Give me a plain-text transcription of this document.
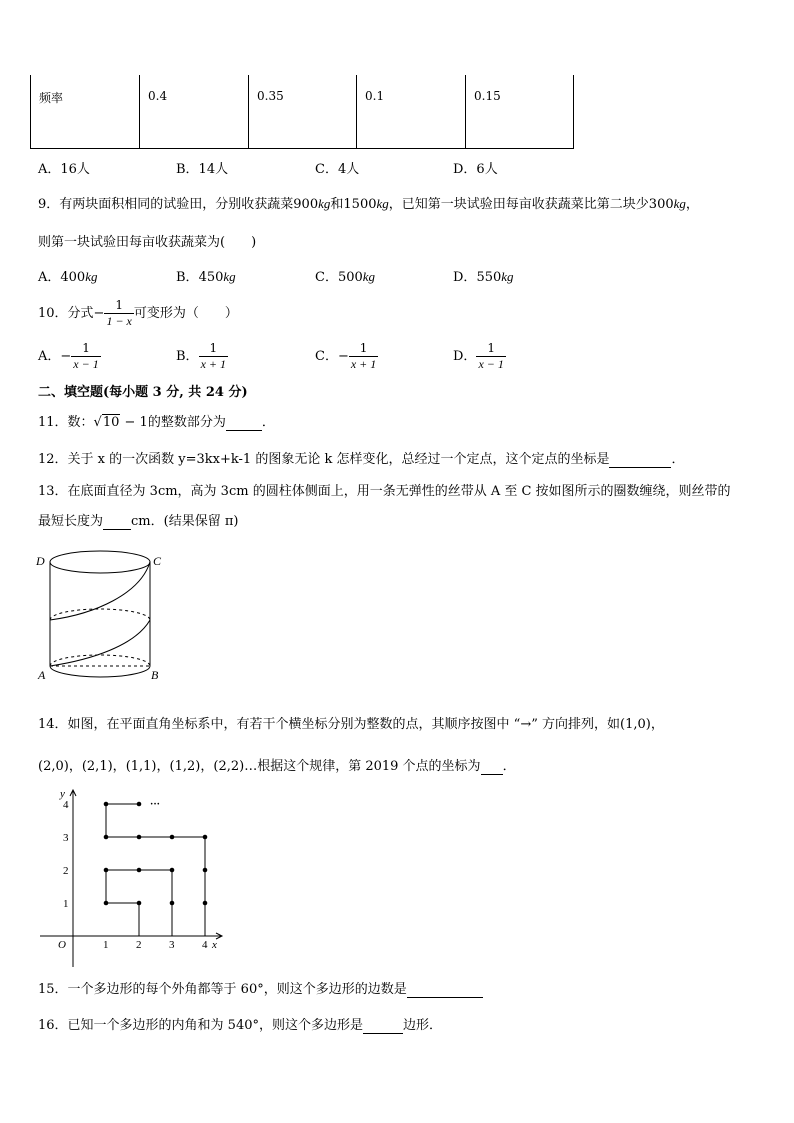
频率	0.4	0.35	0.1	0.15
A．16人	B．14人	C．4人	D．6人
9．有两块面积相同的试验田，分别收获蔬菜900kg和1500kg，已知第一块试验田每亩收获蔬菜比第二块少300kg，
则第一块试验田每亩收获蔬菜为(　　)
A．400kg	B．450kg	C．500kg	D．550kg
10．分式− $\frac{1}{1 - x}$ 可变形为（　　）
A．− $\frac{1}{x - 1}$	B． $\frac{1}{x + 1}$	C．− $\frac{1}{x + 1}$	D． $\frac{1}{x - 1}$
二、填空题(每小题 3 分, 共 24 分)
11．数：√10 − 1的整数部分为	．
12．关于 x 的一次函数 y=3kx+k-1 的图象无论 k 怎样变化，总经过一个定点，这个定点的坐标是	．
13．在底面直径为 3cm，高为 3cm 的圆柱体侧面上，用一条无弹性的丝带从 A 至 C 按如图所示的圈数缠绕，则丝带的
最短长度为 cm．(结果保留 π)
D	C
A	B
14．如图，在平面直角坐标系中，有若干个横坐标分别为整数的点，其顺序按图中 “→” 方向排列，如(1,0)，
(2,0)，(2,1)，(1,1)，(1,2)，(2,2)…根据这个规律，第 2019 个点的坐标为 ．
···
y
x
O	1	2	3	4
1
2
3
4
15．一个多边形的每个外角都等于 60°，则这个多边形的边数是
16．已知一个多边形的内角和为 540°，则这个多边形是	边形．
